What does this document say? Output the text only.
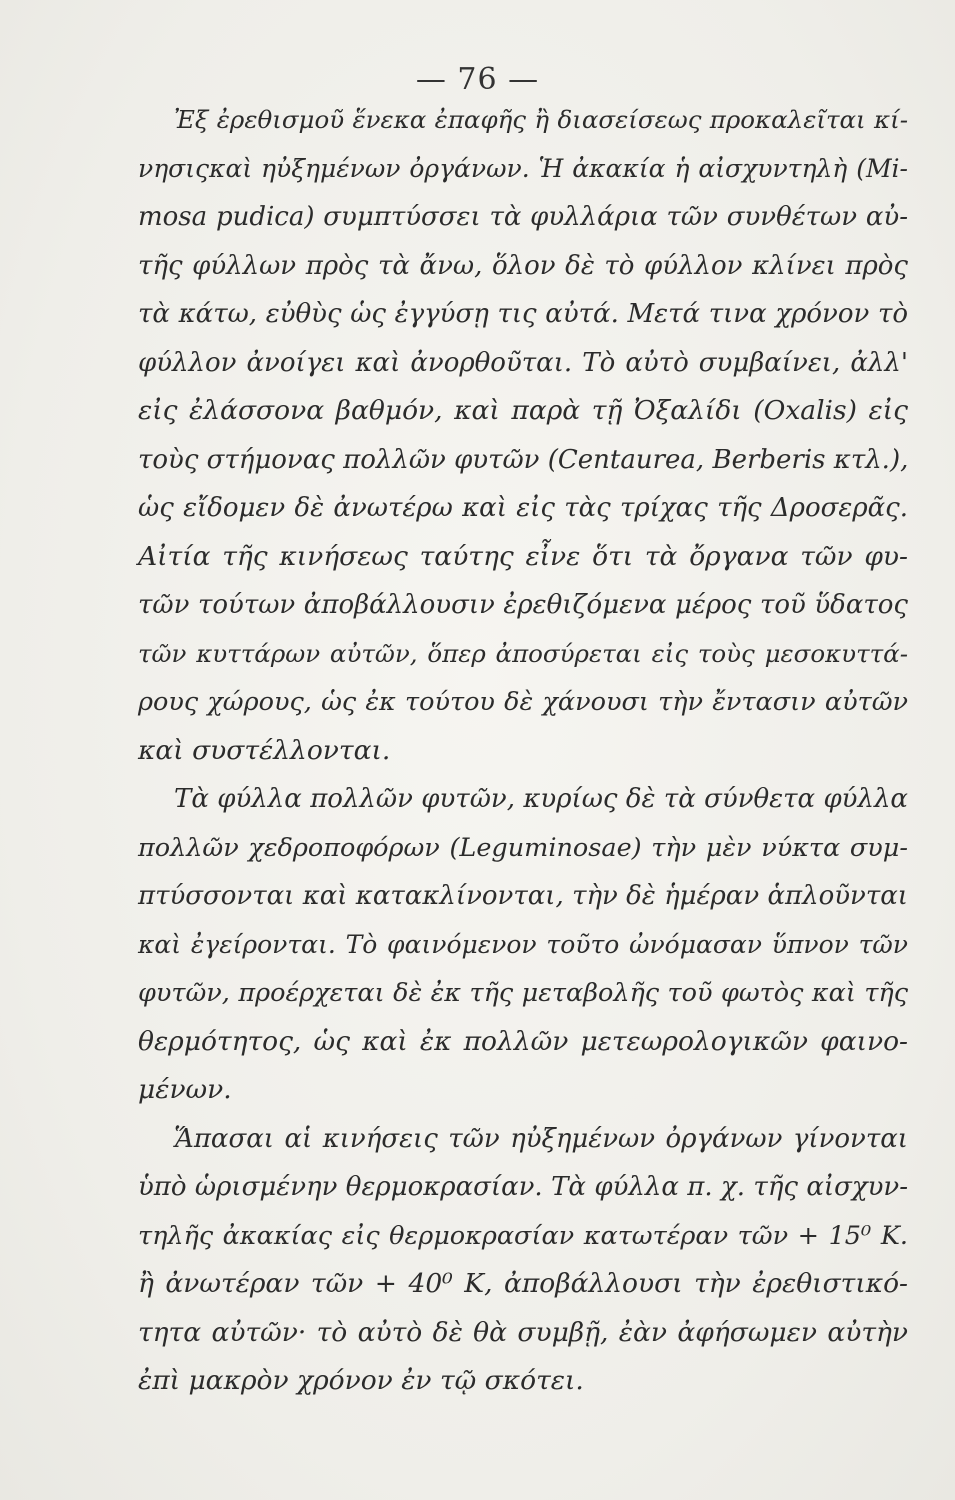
— 76 —
Ἐξ ἐρεθισμοῦ ἕνεκα ἐπαφῆς ἢ διασείσεως προκαλεῖται κί-
νησιςκαὶ ηὐξημένων ὀργάνων. Ἡ ἀκακία ἡ αἰσχυντηλὴ (Mi-
mosa pudica) συμπτύσσει τὰ φυλλάρια τῶν συνθέτων αὐ-
τῆς φύλλων πρὸς τὰ ἄνω, ὅλον δὲ τὸ φύλλον κλίνει πρὸς
τὰ κάτω, εὐθὺς ὡς ἐγγύσῃ τις αὐτά. Μετά τινα χρόνον τὸ
φύλλον ἀνοίγει καὶ ἀνορθοῦται. Τὸ αὐτὸ συμβαίνει, ἀλλ'
εἰς ἐλάσσονα βαθμόν, καὶ παρὰ τῇ Ὀξαλίδι (Oxalis) εἰς
τοὺς στήμονας πολλῶν φυτῶν (Centaurea, Berberis κτλ.),
ὡς εἴδομεν δὲ ἀνωτέρω καὶ εἰς τὰς τρίχας τῆς Δροσερᾶς.
Αἰτία τῆς κινήσεως ταύτης εἶνε ὅτι τὰ ὄργανα τῶν φυ-
τῶν τούτων ἀποβάλλουσιν ἐρεθιζόμενα μέρος τοῦ ὕδατος
τῶν κυττάρων αὐτῶν, ὅπερ ἀποσύρεται εἰς τοὺς μεσοκυττά-
ρους χώρους, ὡς ἐκ τούτου δὲ χάνουσι τὴν ἔντασιν αὐτῶν
καὶ συστέλλονται.
Τὰ φύλλα πολλῶν φυτῶν, κυρίως δὲ τὰ σύνθετα φύλλα
πολλῶν χεδροποφόρων (Leguminosae) τὴν μὲν νύκτα συμ-
πτύσσονται καὶ κατακλίνονται, τὴν δὲ ἡμέραν ἁπλοῦνται
καὶ ἐγείρονται. Τὸ φαινόμενον τοῦτο ὠνόμασαν ὕπνον τῶν
φυτῶν, προέρχεται δὲ ἐκ τῆς μεταβολῆς τοῦ φωτὸς καὶ τῆς
θερμότητος, ὡς καὶ ἐκ πολλῶν μετεωρολογικῶν φαινο-
μένων.
Ἅπασαι αἱ κινήσεις τῶν ηὐξημένων ὀργάνων γίνονται
ὑπὸ ὡρισμένην θερμοκρασίαν. Τὰ φύλλα π. χ. τῆς αἰσχυν-
τηλῆς ἀκακίας εἰς θερμοκρασίαν κατωτέραν τῶν + 15⁰ Κ.
ἢ ἀνωτέραν τῶν + 40⁰ Κ, ἀποβάλλουσι τὴν ἐρεθιστικό-
τητα αὐτῶν· τὸ αὐτὸ δὲ θὰ συμβῇ, ἐὰν ἀφήσωμεν αὐτὴν
ἐπὶ μακρὸν χρόνον ἐν τῷ σκότει.
